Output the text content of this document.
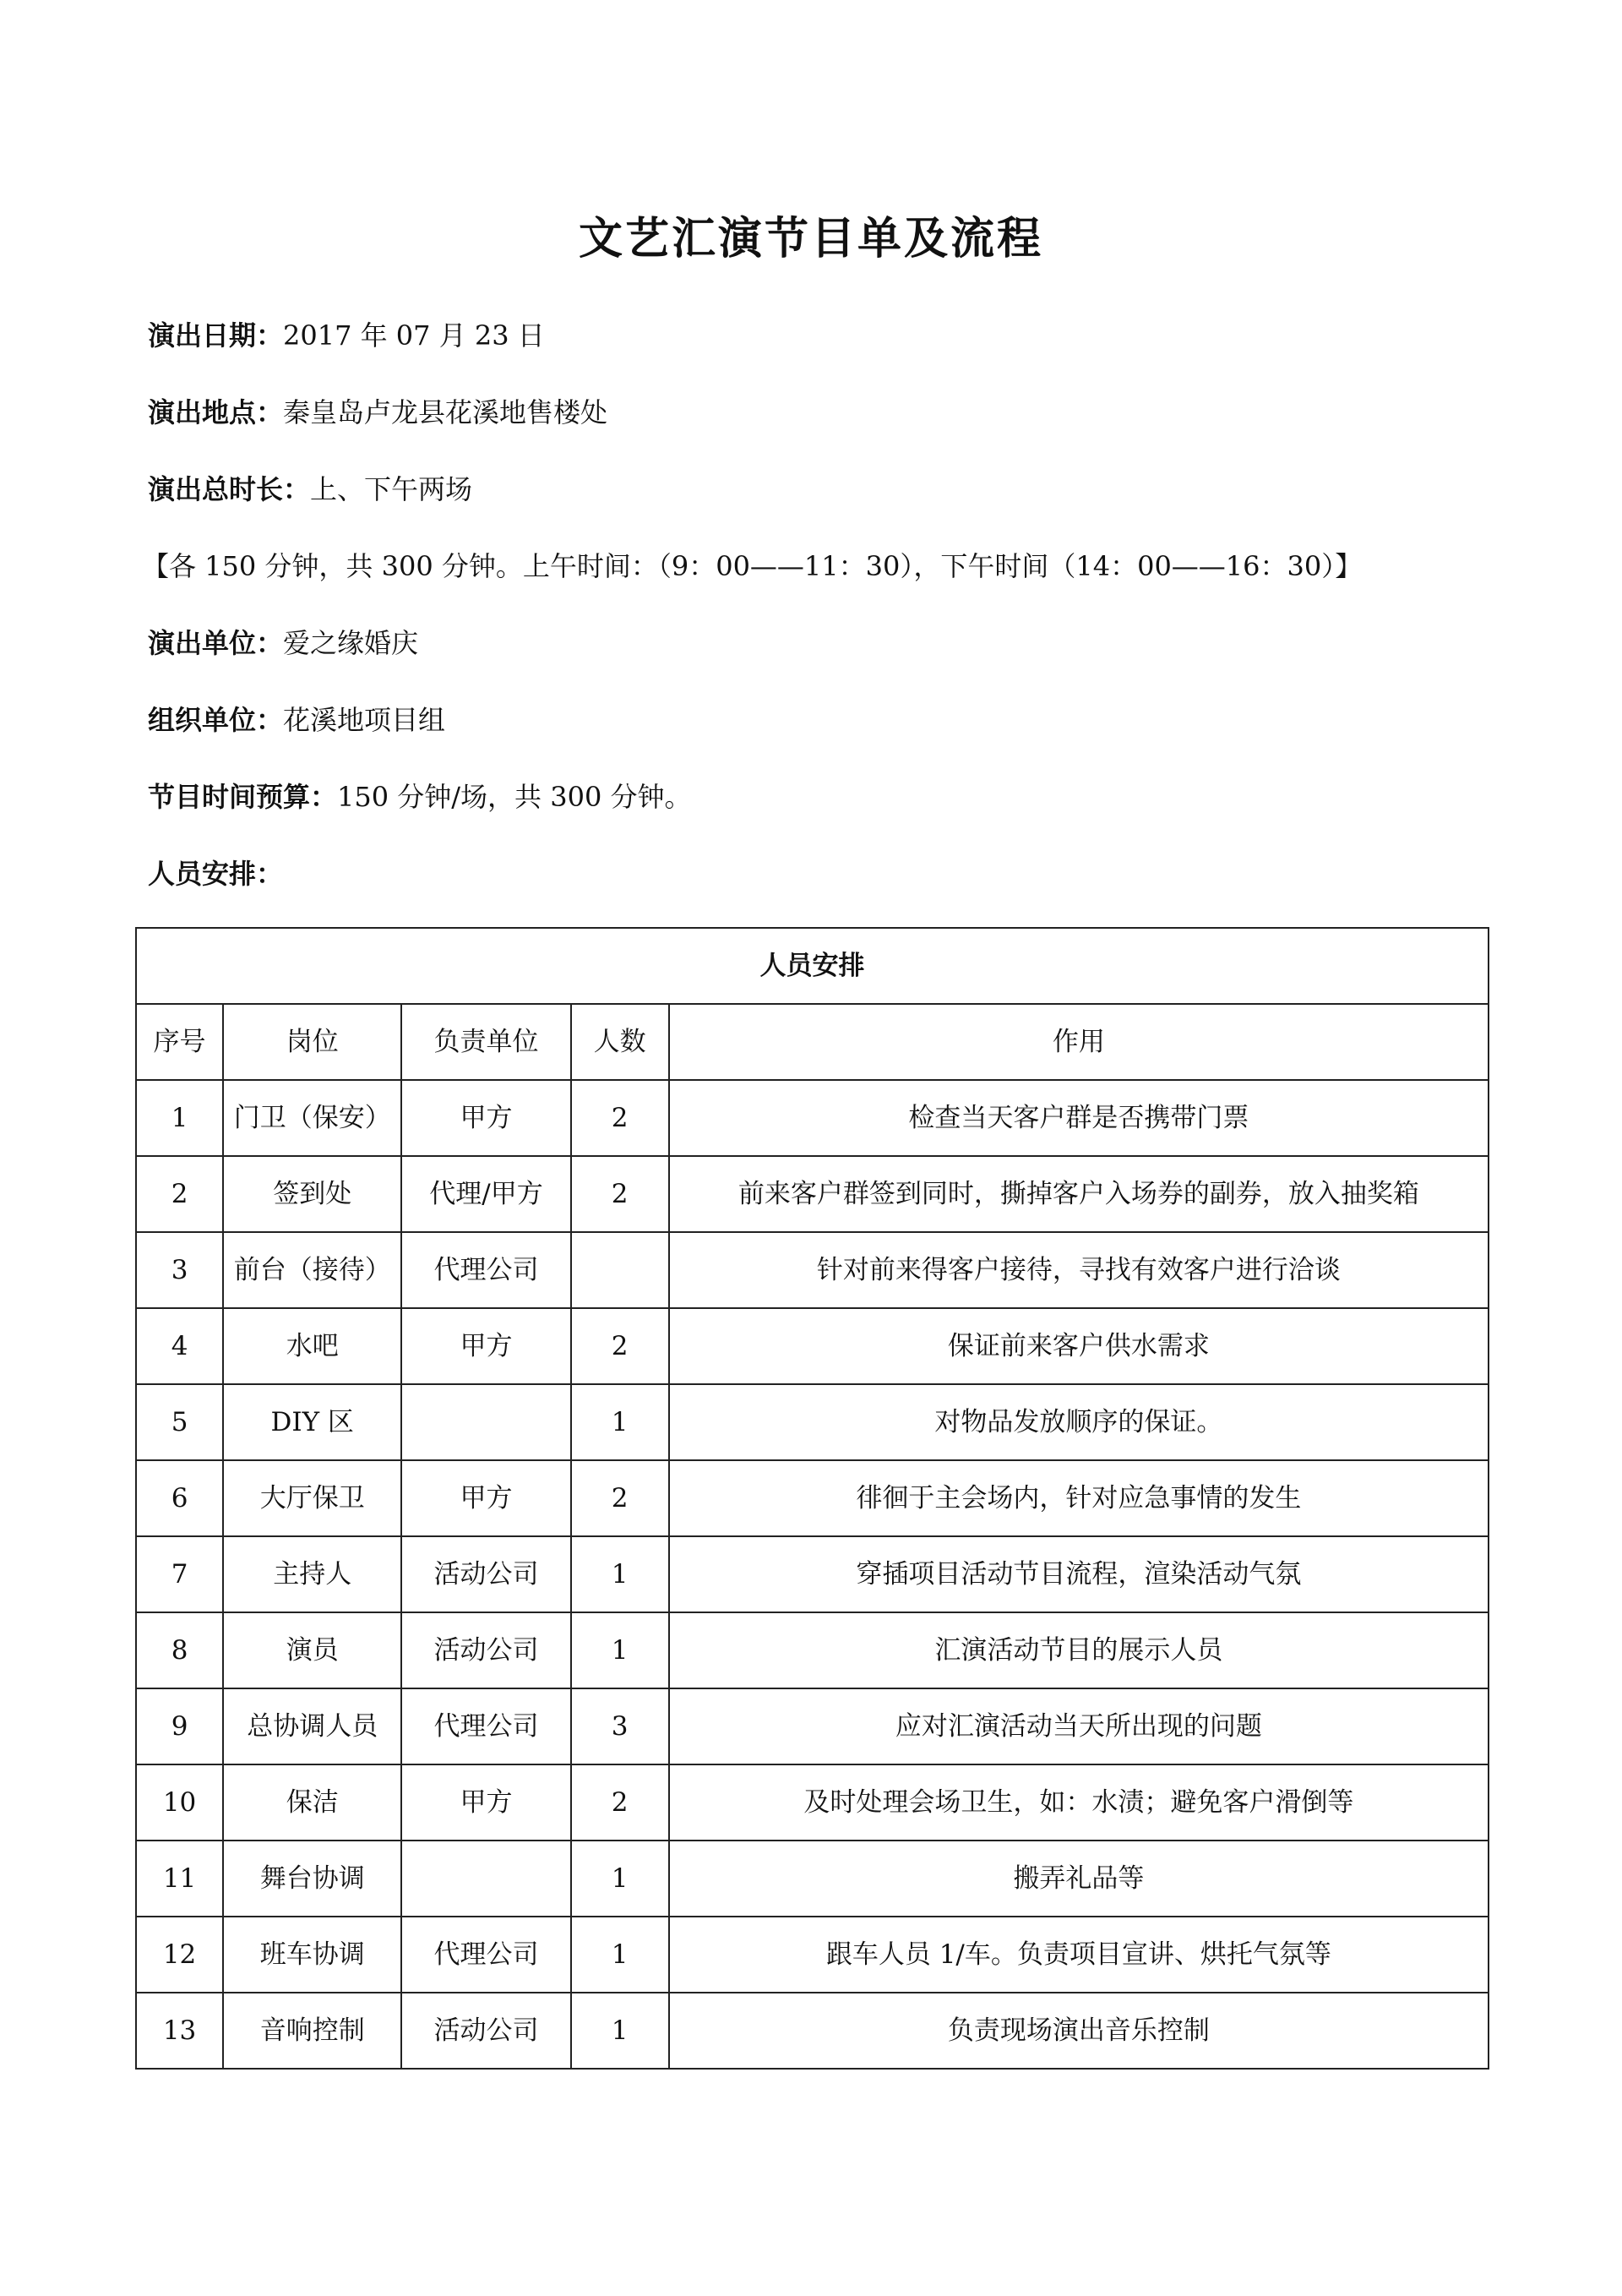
文艺汇演节目单及流程
演出日期：2017 年 07 月 23 日
演出地点：秦皇岛卢龙县花溪地售楼处
演出总时长：上、下午两场
【各 150 分钟，共 300 分钟。上午时间：（9：00——11：30），下午时间（14：00——16：30）】
演出单位：爱之缘婚庆
组织单位：花溪地项目组
节目时间预算：150 分钟/场，共 300 分钟。
人员安排：
人员安排				
序号	岗位	负责单位	人数	作用
1	门卫（保安）	甲方	2	检查当天客户群是否携带门票
2	签到处	代理/甲方	2	前来客户群签到同时，撕掉客户入场券的副券，放入抽奖箱
3	前台（接待）	代理公司		针对前来得客户接待，寻找有效客户进行洽谈
4	水吧	甲方	2	保证前来客户供水需求
5	DIY 区		1	对物品发放顺序的保证。
6	大厅保卫	甲方	2	徘徊于主会场内，针对应急事情的发生
7	主持人	活动公司	1	穿插项目活动节目流程，渲染活动气氛
8	演员	活动公司	1	汇演活动节目的展示人员
9	总协调人员	代理公司	3	应对汇演活动当天所出现的问题
10	保洁	甲方	2	及时处理会场卫生，如：水渍；避免客户滑倒等
11	舞台协调		1	搬弄礼品等
12	班车协调	代理公司	1	跟车人员 1/车。负责项目宣讲、烘托气氛等
13	音响控制	活动公司	1	负责现场演出音乐控制
